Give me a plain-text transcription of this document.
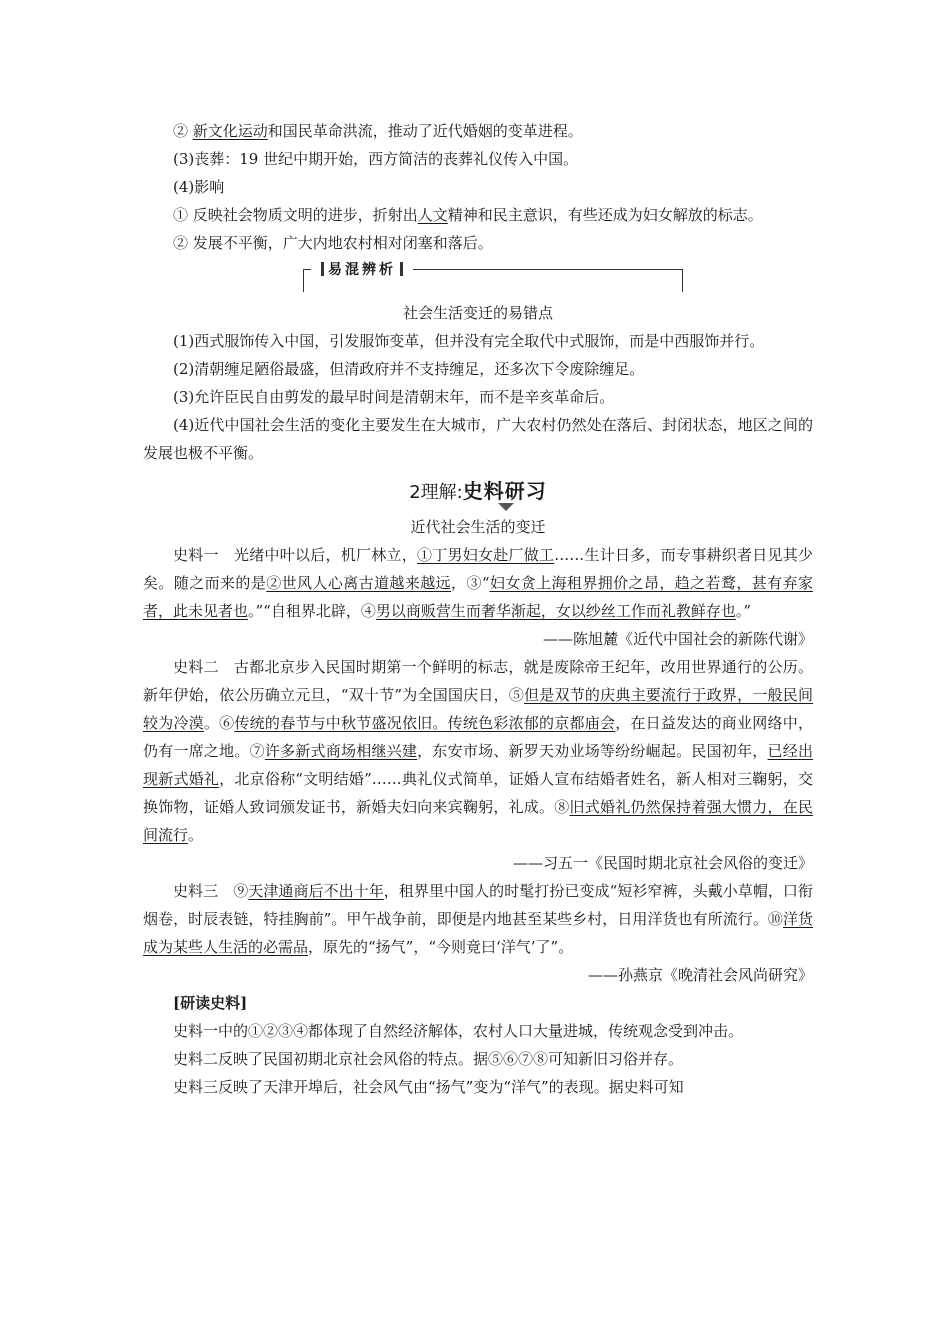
② 新文化运动和国民革命洪流，推动了近代婚姻的变革进程。

(3)丧葬：19 世纪中期开始，西方简洁的丧葬礼仪传入中国。

(4)影响

① 反映社会物质文明的进步，折射出人文精神和民主意识，有些还成为妇女解放的标志。

② 发展不平衡，广大内地农村相对闭塞和落后。

易混辨析

社会生活变迁的易错点

(1)西式服饰传入中国，引发服饰变革，但并没有完全取代中式服饰，而是中西服饰并行。

(2)清朝缠足陋俗最盛，但清政府并不支持缠足，还多次下令废除缠足。

(3)允许臣民自由剪发的最早时间是清朝末年，而不是辛亥革命后。

(4)近代中国社会生活的变化主要发生在大城市，广大农村仍然处在落后、封闭状态，地区之间的发展也极不平衡。

2理解:史料研习

近代社会生活的变迁

史料一　光绪中叶以后，机厂林立，①丁男妇女赴厂做工……生计日多，而专事耕织者日见其少矣。随之而来的是②世风人心离古道越来越远，③“妇女贪上海租界拥价之昂，趋之若鹜，甚有弃家者，此未见者也。”“自租界北辟，④男以商贩营生而奢华渐起，女以纱丝工作而礼教鲜存也。”

——陈旭麓《近代中国社会的新陈代谢》

史料二　古都北京步入民国时期第一个鲜明的标志，就是废除帝王纪年，改用世界通行的公历。新年伊始，依公历确立元旦，“双十节”为全国国庆日，⑤但是双节的庆典主要流行于政界，一般民间较为冷漠。⑥传统的春节与中秋节盛况依旧。传统色彩浓郁的京都庙会，在日益发达的商业网络中，仍有一席之地。⑦许多新式商场相继兴建，东安市场、新罗天劝业场等纷纷崛起。民国初年，已经出现新式婚礼，北京俗称“文明结婚”……典礼仪式简单，证婚人宣布结婚者姓名，新人相对三鞠躬，交换饰物，证婚人致词颁发证书，新婚夫妇向来宾鞠躬，礼成。⑧旧式婚礼仍然保持着强大惯力，在民间流行。

——习五一《民国时期北京社会风俗的变迁》

史料三　⑨天津通商后不出十年，租界里中国人的时髦打扮已变成“短衫窄裤，头戴小草帽，口衔烟卷，时辰表链，特挂胸前”。甲午战争前，即便是内地甚至某些乡村，日用洋货也有所流行。⑩洋货成为某些人生活的必需品，原先的“扬气”，“今则竟曰‘洋气’了”。

——孙燕京《晚清社会风尚研究》

[研读史料]

史料一中的①②③④都体现了自然经济解体，农村人口大量进城，传统观念受到冲击。

史料二反映了民国初期北京社会风俗的特点。据⑤⑥⑦⑧可知新旧习俗并存。

史料三反映了天津开埠后，社会风气由“扬气”变为“洋气”的表现。据史料可知
